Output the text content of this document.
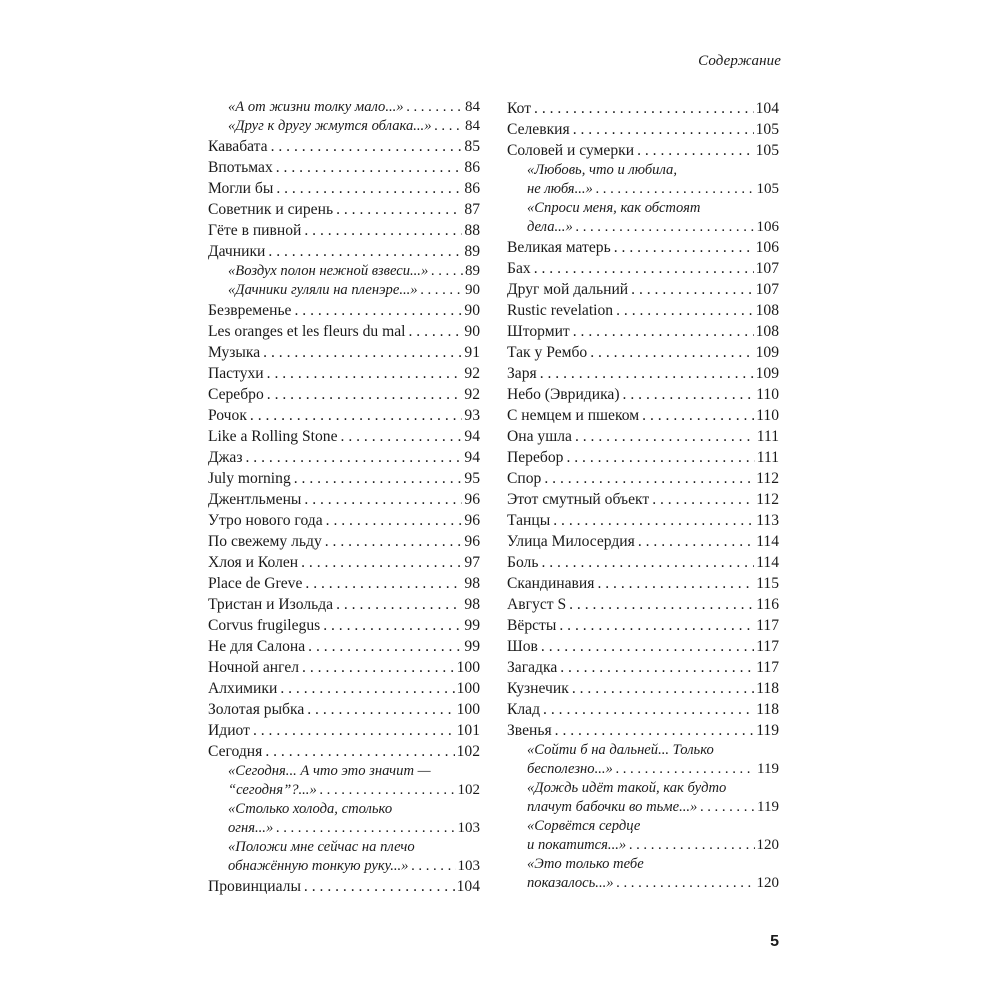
Содержание
«А от жизни толку мало...» . . .	84
«Друг к другу жмутся облака...» . . . 84
Кавабата . . .	85
Впотьмах . . .	86
Могли бы . . .	86
Советник и сирень . . .	87
Гёте в пивной . . .	88
Дачники . . .	89
«Воздух полон нежной взвеси...» . . . 89
«Дачники гуляли на пленэре...» . . .	90
Безвременье . . .	90
Les oranges et les fleurs du mal . . .	90
Музыка . . .	91
Пастухи . . .	92
Серебро . . .	92
Рочок . . .	93
Like a Rolling Stone . . .	94
Джаз . . .	94
July morning . . .	95
Джентльмены . . .	96
Утро нового года . . .	96
По свежему льду . . .	96
Хлоя и Колен . . .	97
Place de Greve . . .	98
Тристан и Изольда . . .	98
Corvus frugilegus . . .	99
Не для Салона . . .	99
Ночной ангел . . .	100
Алхимики . . .	100
Золотая рыбка . . .	100
Идиот . . .	101
Сегодня . . .	102
«Сегодня... А что это значит —
“сегодня”?...» . . .	102
«Столько холода, столько
огня...» . . .	103
«Положи мне сейчас на плечо
обнажённую тонкую руку...» . . .	103
Провинциалы . . .	104
Кот . . .	104
Селевкия . . .	105
Соловей и сумерки . . .	105
«Любовь, что и любила,
не любя...» . . .	105
«Спроси меня, как обстоят
дела...» . . .	106
Великая матерь . . .	106
Бах . . .	107
Друг мой дальний . . .	107
Rustic revelation . . .	108
Штормит . . .	108
Так у Рембо . . .	109
Заря . . .	109
Небо (Эвридика) . . .	110
С немцем и пшеком . . .	110
Она ушла . . .	111
Перебор . . .	111
Спор . . .	112
Этот смутный объект . . .	112
Танцы . . .	113
Улица Милосердия . . .	114
Боль . . .	114
Скандинавия . . .	115
Август S . . .	116
Вёрсты . . .	117
Шов . . .	117
Загадка . . .	117
Кузнечик . . .	118
Клад . . .	118
Звенья . . .	119
«Сойти б на дальней... Только
бесполезно...» . . .	119
«Дождь идёт такой, как будто
плачут бабочки во тьме...» . . .	119
«Сорвётся сердце
и покатится...» . . .	120
«Это только тебе
показалось...» . . .	120
5
